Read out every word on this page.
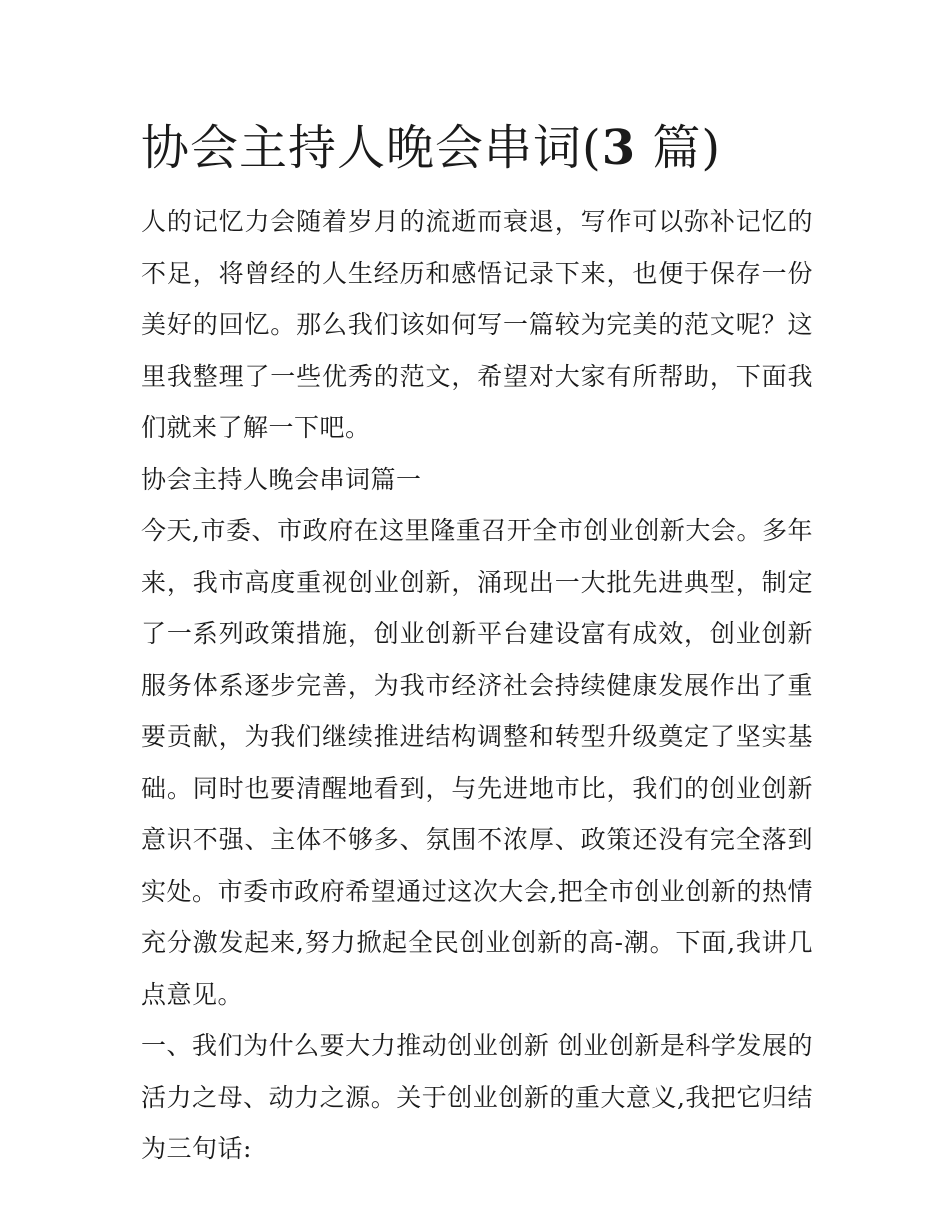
协会主持人晚会串词(3 篇)

人的记忆力会随着岁月的流逝而衰退，写作可以弥补记忆的不足，将曾经的人生经历和感悟记录下来，也便于保存一份美好的回忆。那么我们该如何写一篇较为完美的范文呢？这里我整理了一些优秀的范文，希望对大家有所帮助，下面我们就来了解一下吧。

协会主持人晚会串词篇一

今天,市委、市政府在这里隆重召开全市创业创新大会。多年来，我市高度重视创业创新，涌现出一大批先进典型，制定了一系列政策措施，创业创新平台建设富有成效，创业创新服务体系逐步完善，为我市经济社会持续健康发展作出了重要贡献，为我们继续推进结构调整和转型升级奠定了坚实基础。同时也要清醒地看到，与先进地市比，我们的创业创新意识不强、主体不够多、氛围不浓厚、政策还没有完全落到实处。市委市政府希望通过这次大会,把全市创业创新的热情充分激发起来,努力掀起全民创业创新的高-潮。下面,我讲几点意见。

一、我们为什么要大力推动创业创新 创业创新是科学发展的活力之母、动力之源。关于创业创新的重大意义,我把它归结为三句话:
